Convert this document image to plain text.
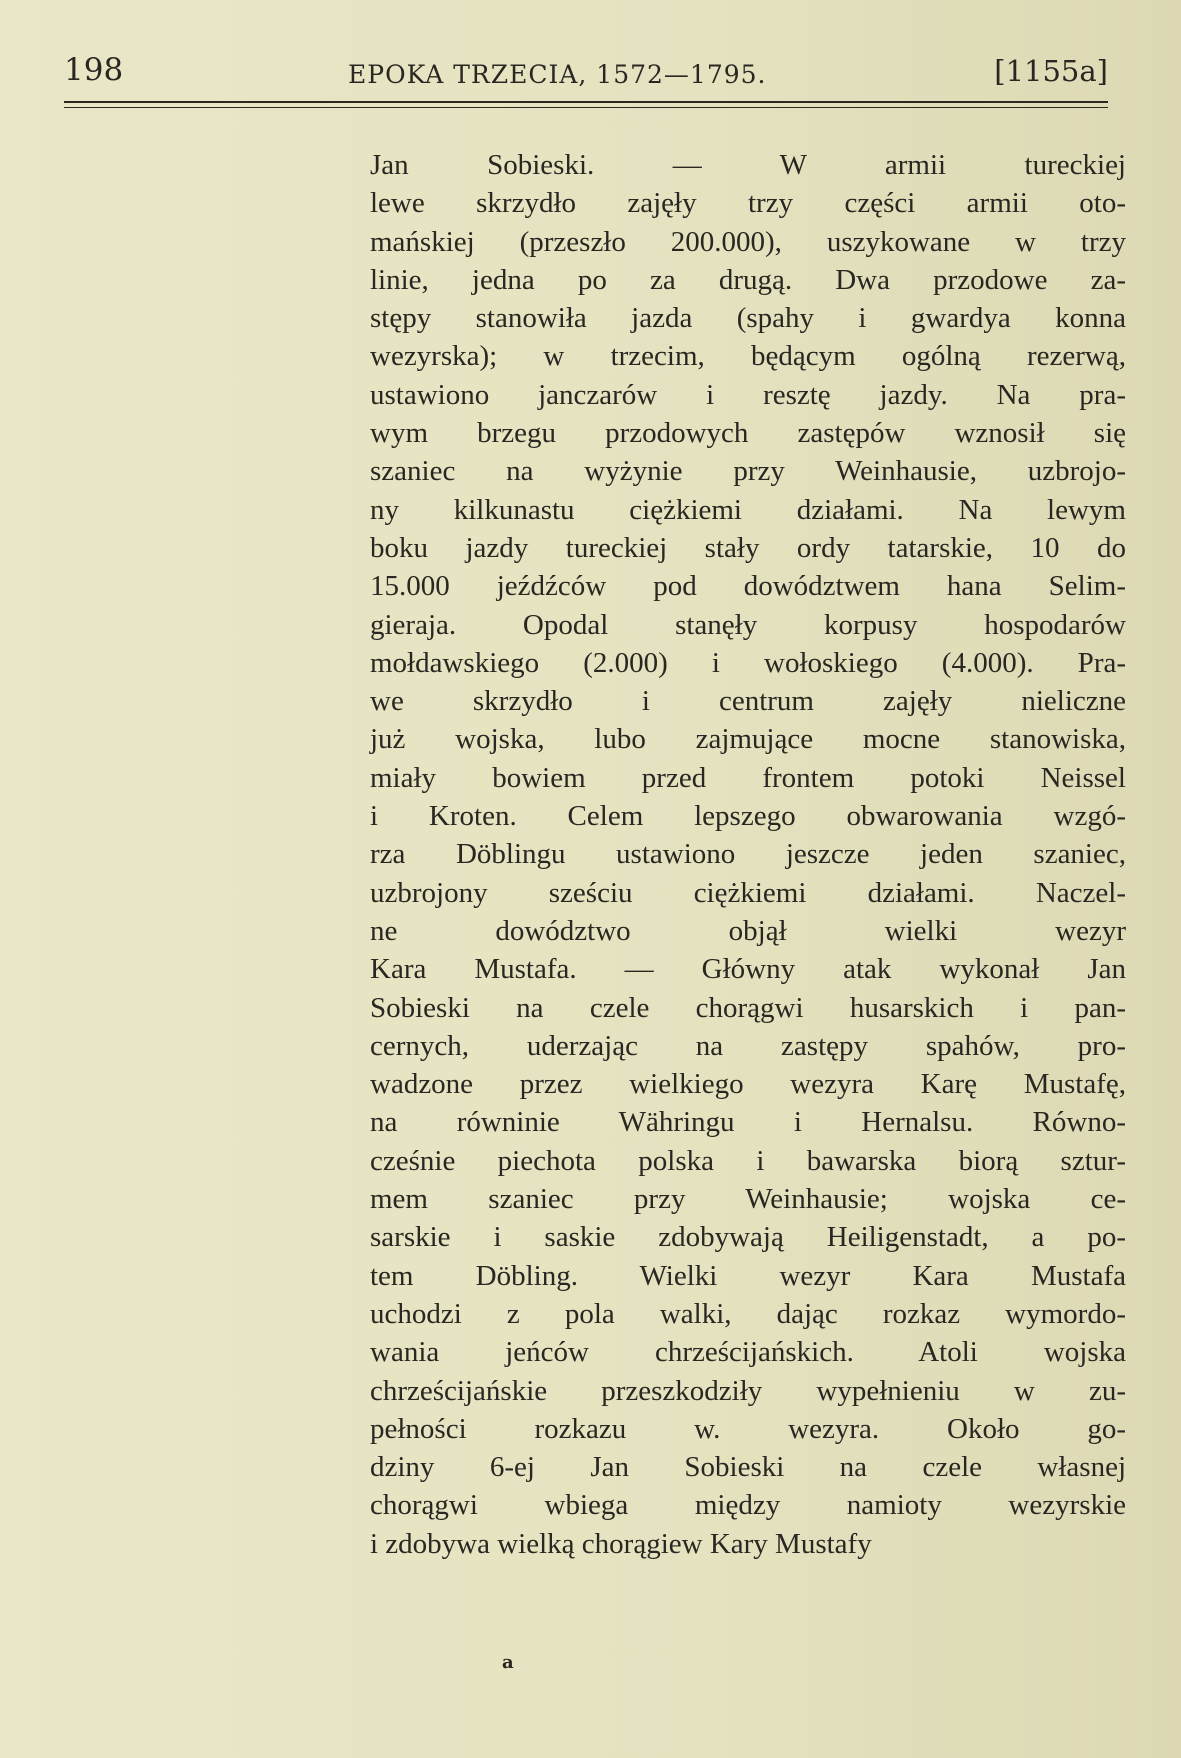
198	EPOKA TRZECIA, 1572—1795.	[1155a]
Jan Sobieski. — W armii tureckiej
lewe skrzydło zajęły trzy części armii oto-
mańskiej (przeszło 200.000), uszykowane w trzy
linie, jedna po za drugą. Dwa przodowe za-
stępy stanowiła jazda (spahy i gwardya konna
wezyrska); w trzecim, będącym ogólną rezerwą,
ustawiono janczarów i resztę jazdy. Na pra-
wym brzegu przodowych zastępów wznosił się
szaniec na wyżynie przy Weinhausie, uzbrojo-
ny kilkunastu ciężkiemi działami. Na lewym
boku jazdy tureckiej stały ordy tatarskie, 10 do
15.000 jeźdźców pod dowództwem hana Selim-
gieraja. Opodal stanęły korpusy hospodarów
mołdawskiego (2.000) i wołoskiego (4.000). Pra-
we skrzydło i centrum zajęły nieliczne
już wojska, lubo zajmujące mocne stanowiska,
miały bowiem przed frontem potoki Neissel
i Kroten. Celem lepszego obwarowania wzgó-
rza Döblingu ustawiono jeszcze jeden szaniec,
uzbrojony sześciu ciężkiemi działami. Naczel-
ne dowództwo objął wielki wezyr
Kara Mustafa. — Główny atak wykonał Jan
Sobieski na czele chorągwi husarskich i pan-
cernych, uderzając na zastępy spahów, pro-
wadzone przez wielkiego wezyra Karę Mustafę,
na równinie Währingu i Hernalsu. Równo-
cześnie piechota polska i bawarska biorą sztur-
mem szaniec przy Weinhausie; wojska ce-
sarskie i saskie zdobywają Heiligenstadt, a po-
tem Döbling. Wielki wezyr Kara Mustafa
uchodzi z pola walki, dając rozkaz wymordo-
wania jeńców chrześcijańskich. Atoli wojska
chrześcijańskie przeszkodziły wypełnieniu w zu-
pełności rozkazu w. wezyra. Około go-
dziny 6-ej Jan Sobieski na czele własnej
chorągwi wbiega między namioty wezyrskie
i zdobywa wielką chorągiew Kary Mustafy
a
